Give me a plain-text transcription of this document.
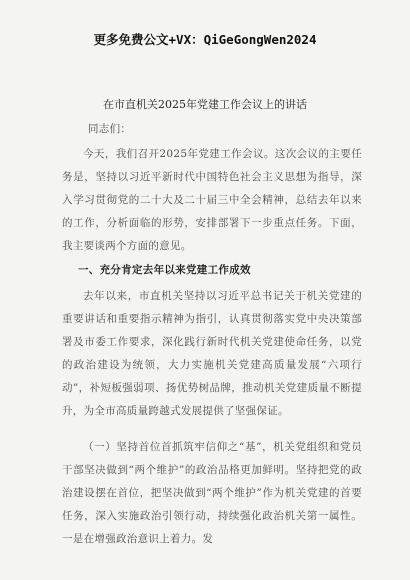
更多免费公文+VX：QiGeGongWen2024
在市直机关2025年党建工作会议上的讲话
同志们：
今天，我们召开2025年党建工作会议。这次会议的主要任务是，坚持以习近平新时代中国特色社会主义思想为指导，深入学习贯彻党的二十大及二十届三中全会精神，总结去年以来的工作，分析面临的形势，安排部署下一步重点任务。下面，我主要谈两个方面的意见。
一、充分肯定去年以来党建工作成效
去年以来，市直机关坚持以习近平总书记关于机关党建的重要讲话和重要指示精神为指引，认真贯彻落实党中央决策部署及市委工作要求，深化践行新时代机关党建使命任务，以党的政治建设为统领，大力实施机关党建高质量发展“六项行动”，补短板强弱项、扬优势树品牌，推动机关党建质量不断提升，为全市高质量跨越式发展提供了坚强保证。
（一）坚持首位首抓筑牢信仰之“基”，机关党组织和党员干部坚决做到“两个维护”的政治品格更加鲜明。坚持把党的政治建设摆在首位，把坚决做到“两个维护”作为机关党建的首要任务，深入实施政治引领行动，持续强化政治机关第一属性。一是在增强政治意识上着力。发
